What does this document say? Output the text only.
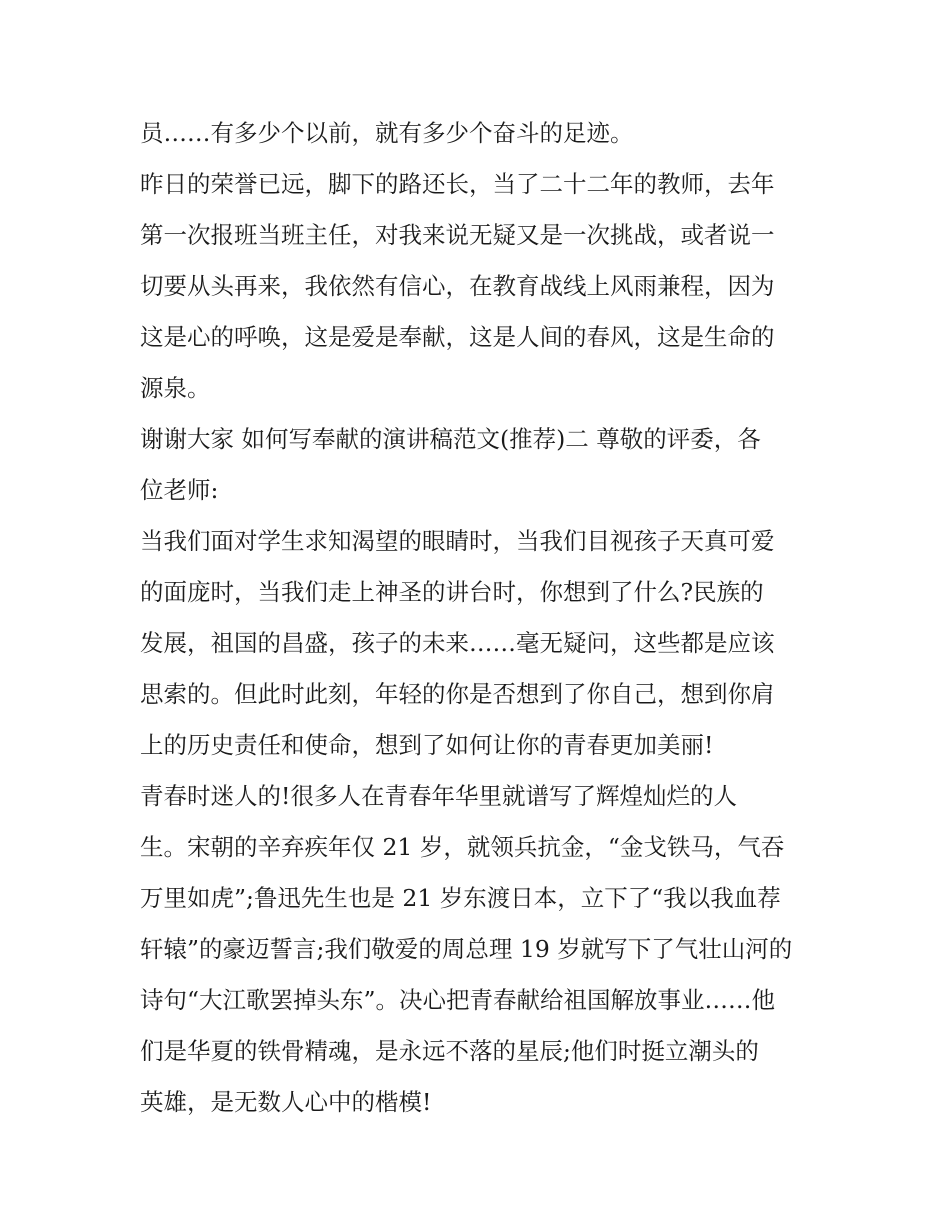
员……有多少个以前，就有多少个奋斗的足迹。
昨日的荣誉已远，脚下的路还长，当了二十二年的教师，去年
第一次报班当班主任，对我来说无疑又是一次挑战，或者说一
切要从头再来，我依然有信心，在教育战线上风雨兼程，因为
这是心的呼唤，这是爱是奉献，这是人间的春风，这是生命的
源泉。
谢谢大家 如何写奉献的演讲稿范文(推荐)二 尊敬的评委，各
位老师:
当我们面对学生求知渴望的眼睛时，当我们目视孩子天真可爱
的面庞时，当我们走上神圣的讲台时，你想到了什么?民族的
发展，祖国的昌盛，孩子的未来……毫无疑问，这些都是应该
思索的。但此时此刻，年轻的你是否想到了你自己，想到你肩
上的历史责任和使命，想到了如何让你的青春更加美丽!
青春时迷人的!很多人在青春年华里就谱写了辉煌灿烂的人
生。宋朝的辛弃疾年仅 21 岁，就领兵抗金，“金戈铁马，气吞
万里如虎”;鲁迅先生也是 21 岁东渡日本，立下了“我以我血荐
轩辕”的豪迈誓言;我们敬爱的周总理 19 岁就写下了气壮山河的
诗句“大江歌罢掉头东”。决心把青春献给祖国解放事业……他
们是华夏的铁骨精魂，是永远不落的星辰;他们时挺立潮头的
英雄，是无数人心中的楷模!
